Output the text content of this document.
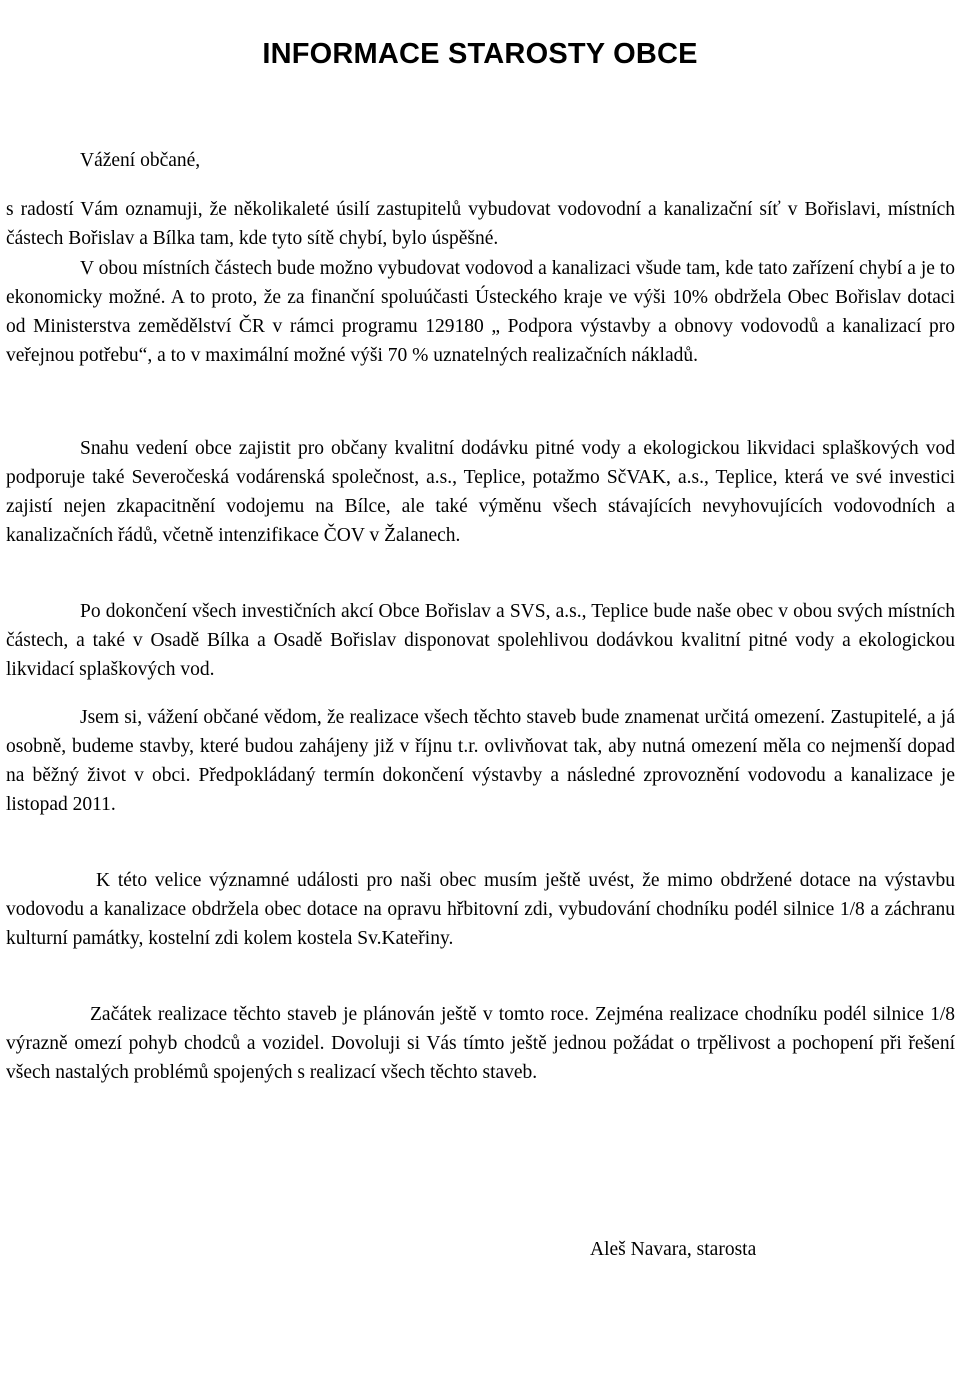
INFORMACE STAROSTY OBCE

Vážení občané,

s radostí Vám oznamuji, že několikaleté úsilí zastupitelů vybudovat vodovodní a kanalizační síť v Bořislavi, místních částech Bořislav a Bílka tam, kde tyto sítě chybí, bylo úspěšné.

V obou místních částech bude možno vybudovat vodovod a kanalizaci všude tam, kde tato zařízení chybí a je to ekonomicky možné. A to proto, že za finanční spoluúčasti Ústeckého kraje ve výši 10% obdržela Obec Bořislav dotaci od Ministerstva zemědělství ČR v rámci programu 129180 „ Podpora výstavby a obnovy vodovodů a kanalizací pro veřejnou potřebu“, a to v maximální možné výši 70 % uznatelných realizačních nákladů.

Snahu vedení obce zajistit pro občany kvalitní dodávku pitné vody a ekologickou likvidaci splaškových vod podporuje také Severočeská vodárenská společnost, a.s., Teplice, potažmo SčVAK, a.s., Teplice, která ve své investici zajistí nejen zkapacitnění vodojemu na Bílce, ale také výměnu všech stávajících nevyhovujících vodovodních a kanalizačních řádů, včetně intenzifikace ČOV v Žalanech.

Po dokončení všech investičních akcí Obce Bořislav a SVS, a.s., Teplice bude naše obec v obou svých místních částech, a také v Osadě Bílka a Osadě Bořislav disponovat spolehlivou dodávkou kvalitní pitné vody a ekologickou likvidací splaškových vod.

Jsem si, vážení občané vědom, že realizace všech těchto staveb bude znamenat určitá omezení. Zastupitelé, a já osobně, budeme stavby, které budou zahájeny již v říjnu t.r. ovlivňovat tak, aby nutná omezení měla co nejmenší dopad na běžný život v obci. Předpokládaný termín dokončení výstavby a následné zprovoznění vodovodu a kanalizace je listopad 2011.

K této velice významné události pro naši obec musím ještě uvést, že mimo obdržené dotace na výstavbu vodovodu a kanalizace obdržela obec dotace na opravu hřbitovní zdi, vybudování chodníku podél silnice 1/8 a záchranu kulturní památky, kostelní zdi kolem kostela Sv.Kateřiny.

Začátek realizace těchto staveb je plánován ještě v tomto roce. Zejména realizace chodníku podél silnice 1/8 výrazně omezí pohyb chodců a vozidel. Dovoluji si Vás tímto ještě jednou požádat o trpělivost a pochopení při řešení všech nastalých problémů spojených s realizací všech těchto staveb.

Aleš Navara, starosta
